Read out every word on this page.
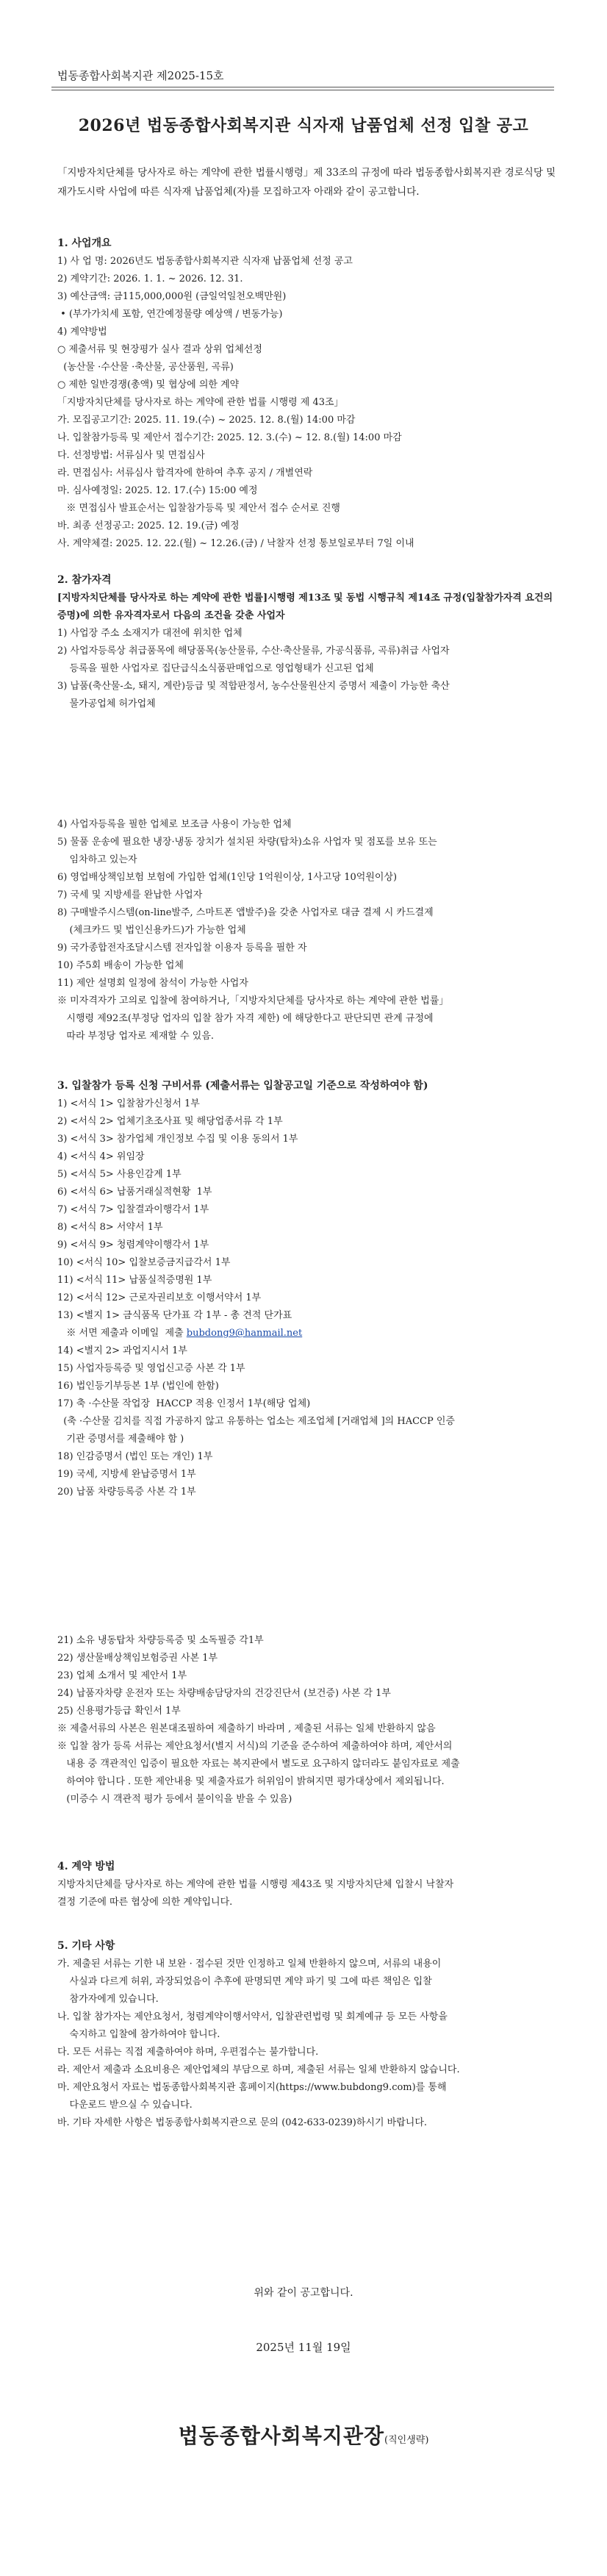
법동종합사회복지관 제2025-15호
2026년 법동종합사회복지관 식자재 납품업체 선정 입찰 공고

「지방자치단체를 당사자로 하는 계약에 관한 법률시행령」제 33조의 규정에 따라 법동종합사회복지관 경로식당 및 재가도시락 사업에 따른 식자재 납품업체(자)를 모집하고자 아래와 같이 공고합니다.

1. 사업개요

1) 사 업 명: 2026년도 법동종합사회복지관 식자재 납품업체 선정 공고

2) 계약기간: 2026. 1. 1. ~ 2026. 12. 31.

3) 예산금액: 금115,000,000원 (금일억일천오백만원)

• (부가가치세 포함, 연간예정물량 예상액 / 변동가능)

4) 계약방법

○ 제출서류 및 현장평가 실사 결과 상위 업체선정

(농산물 ·수산물 ·축산물, 공산품원, 곡류)

○ 제한 일반경쟁(총액) 및 협상에 의한 계약

「지방자치단체를 당사자로 하는 계약에 관한 법률 시행령 제 43조」

가. 모집공고기간: 2025. 11. 19.(수) ~ 2025. 12. 8.(월) 14:00 마감

나. 입찰참가등록 및 제안서 접수기간: 2025. 12. 3.(수) ~ 12. 8.(월) 14:00 마감

다. 선정방법: 서류심사 및 면접심사

라. 면접심사: 서류심사 합격자에 한하여 추후 공지 / 개별연락

마. 심사예정일: 2025. 12. 17.(수) 15:00 예정

※ 면접심사 발표순서는 입찰참가등록 및 제안서 접수 순서로 진행

바. 최종 선정공고: 2025. 12. 19.(금) 예정

사. 계약체결: 2025. 12. 22.(월) ~ 12.26.(금) / 낙찰자 선정 통보일로부터 7일 이내

2. 참가자격

[지방자치단체를 당사자로 하는 계약에 관한 법률]시행령 제13조 및 동법 시행규칙 제14조 규정(입찰참가자격 요건의 증명)에 의한 유자격자로서 다음의 조건을 갖춘 사업자

1) 사업장 주소 소재지가 대전에 위치한 업체

2) 사업자등록상 취급품목에 해당품목(농산물류, 수산·축산물류, 가공식품류, 곡류)취급 사업자

등록을 필한 사업자로 집단급식소식품판매업으로 영업형태가 신고된 업체

3) 납품(축산물-소, 돼지, 계란)등급 및 적합판정서, 농수산물원산지 증명서 제출이 가능한 축산

물가공업체 허가업체

4) 사업자등록을 필한 업체로 보조금 사용이 가능한 업체

5) 물품 운송에 필요한 냉장·냉동 장치가 설치된 차량(탑차)소유 사업자 및 점포를 보유 또는

임차하고 있는자

6) 영업배상책임보험 보험에 가입한 업체(1인당 1억원이상, 1사고당 10억원이상)

7) 국세 및 지방세를 완납한 사업자

8) 구매발주시스템(on-line발주, 스마트폰 앱발주)을 갖춘 사업자로 대금 결제 시 카드결제

(체크카드 및 법인신용카드)가 가능한 업체

9) 국가종합전자조달시스템 전자입찰 이용자 등록을 필한 자

10) 주5회 배송이 가능한 업체

11) 제안 설명회 일정에 참석이 가능한 사업자

※ 미자격자가 고의로 입찰에 참여하거나,「지방자치단체를 당사자로 하는 계약에 관한 법률」

시행령 제92조(부정당 업자의 입찰 참가 자격 제한) 에 해당한다고 판단되면 관계 규정에

따라 부정당 업자로 제재할 수 있음.

3. 입찰참가 등록 신청 구비서류 (제출서류는 입찰공고일 기준으로 작성하여야 함)

1) <서식 1> 입찰참가신청서 1부

2) <서식 2> 업체기초조사표 및 해당업종서류 각 1부

3) <서식 3> 참가업체 개인정보 수집 및 이용 동의서 1부

4) <서식 4> 위임장

5) <서식 5> 사용인감계 1부

6) <서식 6> 납품거래실적현황  1부

7) <서식 7> 입찰결과이행각서 1부

8) <서식 8> 서약서 1부

9) <서식 9> 청렴계약이행각서 1부

10) <서식 10> 입찰보증금지급각서 1부

11) <서식 11> 납품실적증명원 1부

12) <서식 12> 근로자권리보호 이행서약서 1부

13) <별지 1> 금식품목 단가표 각 1부 - 총 견적 단가표

※ 서면 제출과 이메일  제출 bubdong9@hanmail.net

14) <별지 2> 과업지시서 1부

15) 사업자등록증 및 영업신고증 사본 각 1부

16) 법인등기부등본 1부 (법인에 한함)

17) 축 ·수산물 작업장  HACCP 적용 인정서 1부(해당 업체)

(축 ·수산물 김치를 직접 가공하지 않고 유통하는 업소는 제조업체 [거래업체 ]의 HACCP 인증

기관 증명서를 제출해야 함 )

18) 인감증명서 (법인 또는 개인) 1부

19) 국세, 지방세 완납증명서 1부

20) 납품 차량등록증 사본 각 1부

21) 소유 냉동탑차 차량등록증 및 소독필증 각1부

22) 생산물배상책임보험증권 사본 1부

23) 업체 소개서 및 제안서 1부

24) 납품자차량 운전자 또는 차량배송담당자의 건강진단서 (보건증) 사본 각 1부

25) 신용평가등급 확인서 1부

※ 제출서류의 사본은 원본대조필하여 제출하기 바라며 , 제출된 서류는 일체 반환하지 않음

※ 입찰 참가 등록 서류는 제안요청서(별지 서식)의 기준을 준수하여 제출하여야 하며, 제안서의

내용 중 객관적인 입증이 필요한 자료는 복지관에서 별도로 요구하지 않더라도 붙임자료로 제출

하여야 합니다 . 또한 제안내용 및 제출자료가 허위임이 밝혀지면 평가대상에서 제외됩니다.

(미증수 시 객관적 평가 등에서 불이익을 받을 수 있음)

4. 계약 방법

지방자치단체를 당사자로 하는 계약에 관한 법률 시행령 제43조 및 지방자치단체 입찰시 낙찰자

결정 기준에 따른 협상에 의한 계약입니다.

5. 기타 사항

가. 제출된 서류는 기한 내 보완 · 접수된 것만 인정하고 일체 반환하지 않으며, 서류의 내용이

사실과 다르게 허위, 과장되었음이 추후에 판명되면 계약 파기 및 그에 따른 책임은 입찰

참가자에게 있습니다.

나. 입찰 참가자는 제안요청서, 청렴계약이행서약서, 입찰관련법령 및 회계예규 등 모든 사항을

숙지하고 입찰에 참가하여야 합니다.

다. 모든 서류는 직접 제출하여야 하며, 우편접수는 불가합니다.

라. 제안서 제출과 소요비용은 제안업체의 부담으로 하며, 제출된 서류는 일체 반환하지 않습니다.

마. 제안요청서 자료는 법동종합사회복지관 홈페이지(https://www.bubdong9.com)를 통해

다운로드 받으실 수 있습니다.

바. 기타 자세한 사항은 법동종합사회복지관으로 문의 (042-633-0239)하시기 바랍니다.

위와 같이 공고합니다.
2025년 11월 19일
법동종합사회복지관장(직인생략)
